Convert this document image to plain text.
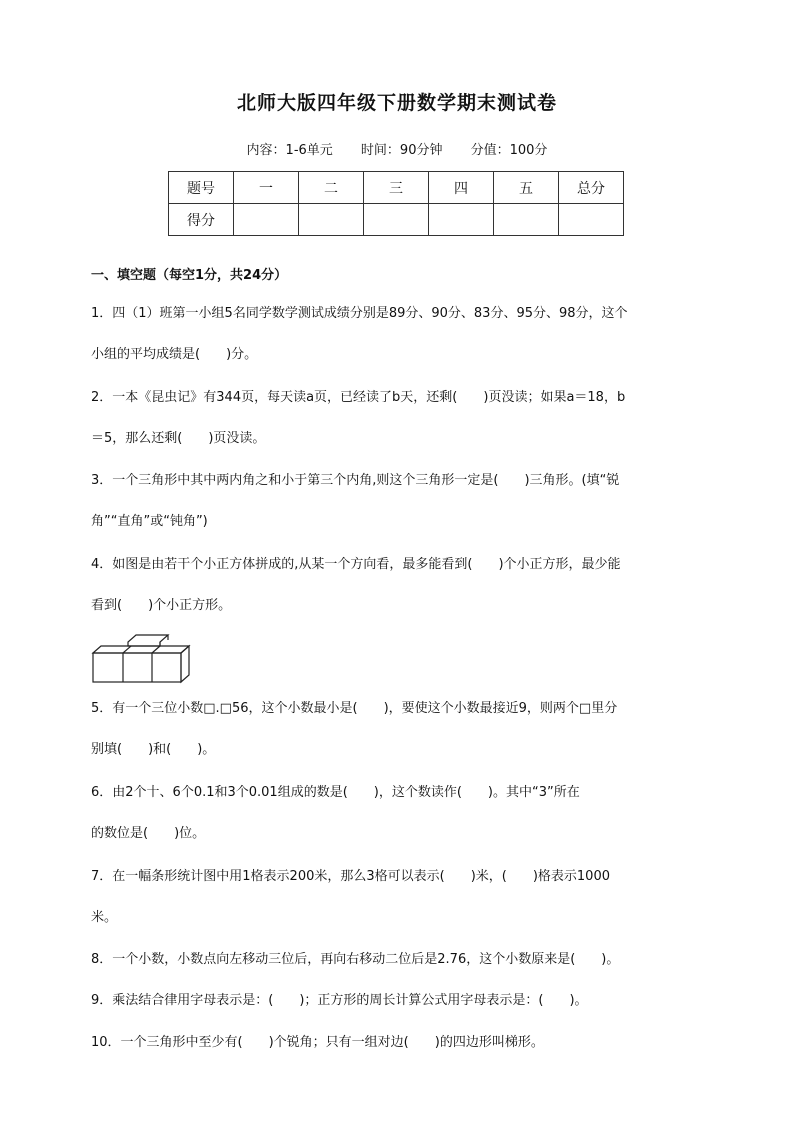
北师大版四年级下册数学期末测试卷
内容：1-6单元 时间：90分钟 分值：100分
题号	一	二	三	四	五	总分
得分						
一、填空题（每空1分，共24分）
1．四（1）班第一小组5名同学数学测试成绩分别是89分、90分、83分、95分、98分，这个
小组的平均成绩是(　　)分。
2．一本《昆虫记》有344页，每天读a页，已经读了b天，还剩(　　)页没读；如果a＝18，b
＝5，那么还剩(　　)页没读。
3．一个三角形中其中两内角之和小于第三个内角,则这个三角形一定是(　　)三角形。(填“锐
角”“直角”或“钝角”)
4．如图是由若干个小正方体拼成的,从某一个方向看，最多能看到(　　)个小正方形，最少能
看到(　　)个小正方形。
5．有一个三位小数□.□56，这个小数最小是(　　)，要使这个小数最接近9，则两个□里分
别填(　　)和(　　)。
6．由2个十、6个0.1和3个0.01组成的数是(　　)，这个数读作(　　)。其中“3”所在
的数位是(　　)位。
7．在一幅条形统计图中用1格表示200米，那么3格可以表示(　　)米，(　　)格表示1000
米。
8．一个小数，小数点向左移动三位后，再向右移动二位后是2.76，这个小数原来是(　　)。
9．乘法结合律用字母表示是：(　　)；正方形的周长计算公式用字母表示是：(　　)。
10．一个三角形中至少有(　　)个锐角；只有一组对边(　　)的四边形叫梯形。
